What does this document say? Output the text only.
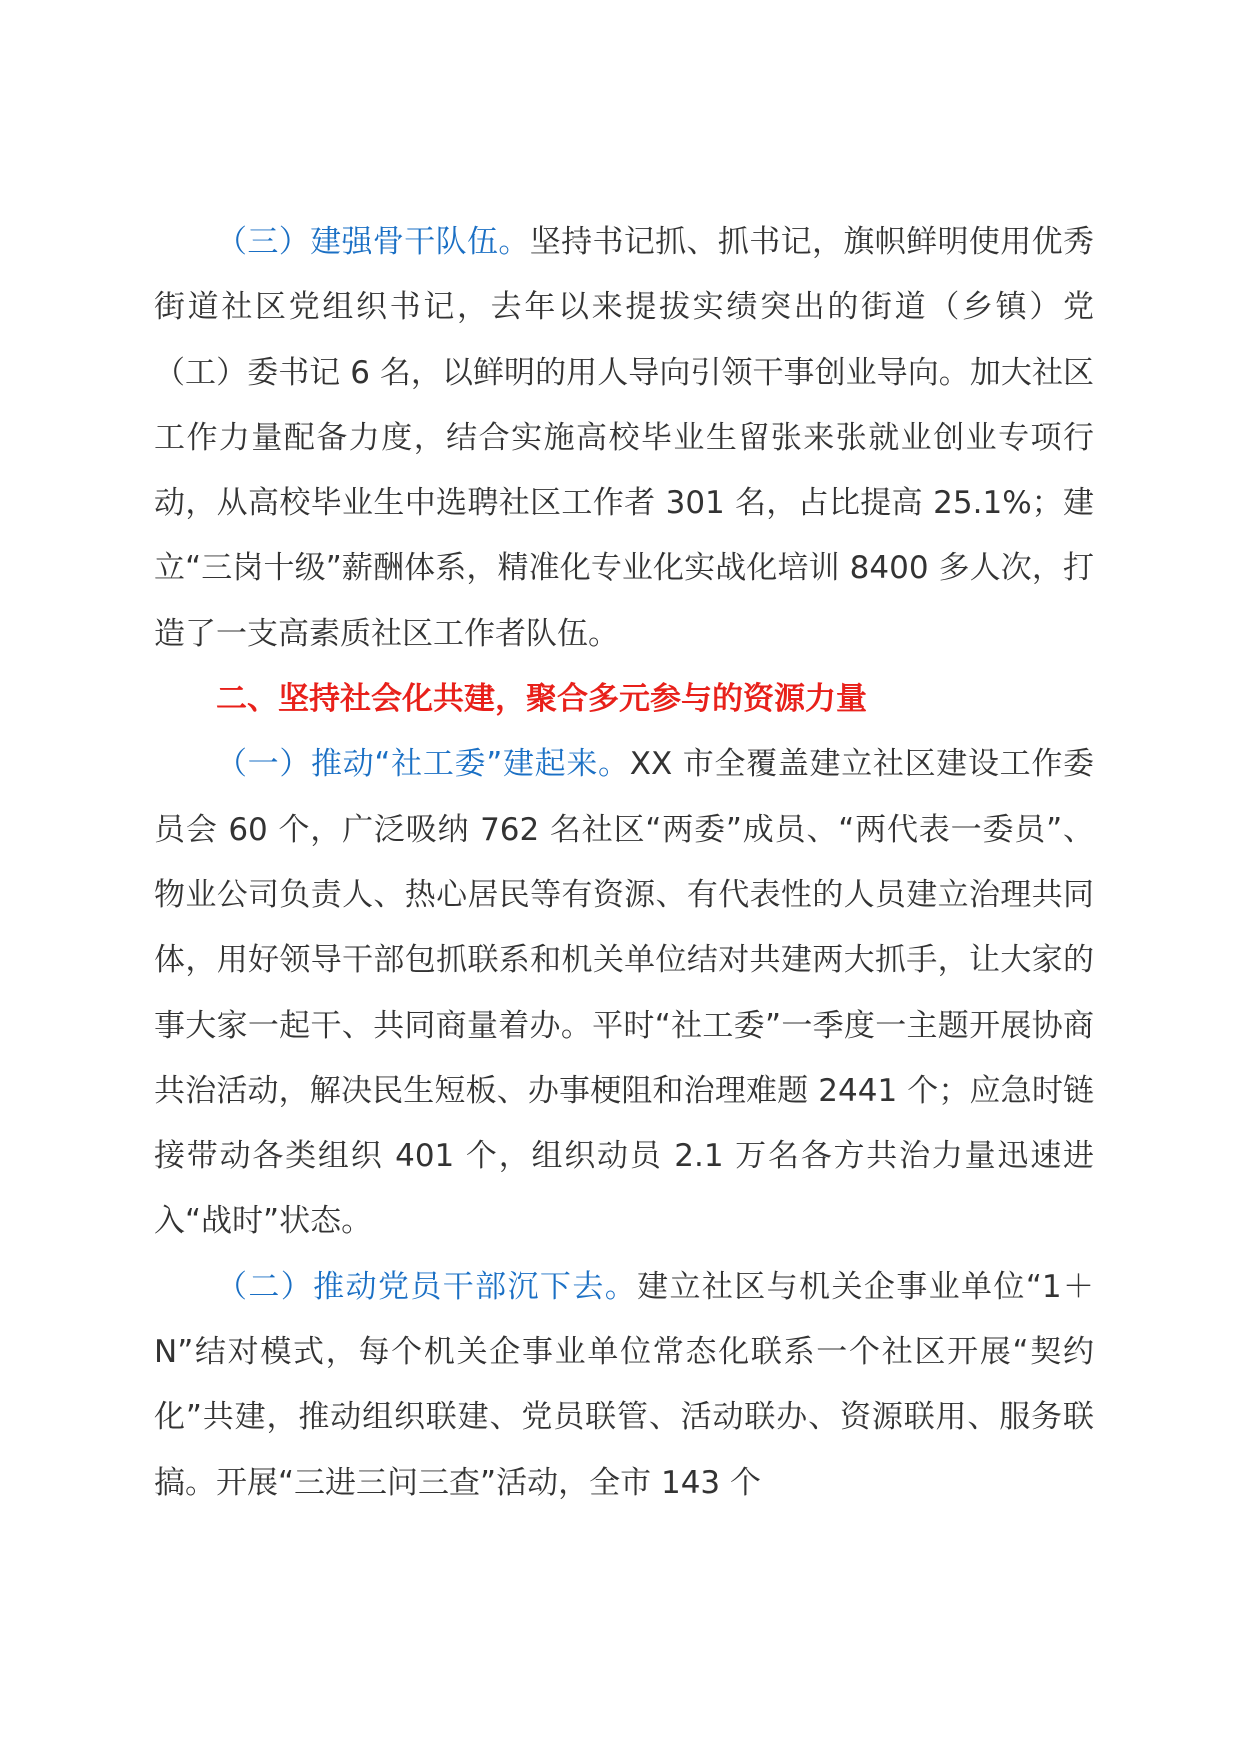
（三）建强骨干队伍。坚持书记抓、抓书记，旗帜鲜明使用优秀街道社区党组织书记，去年以来提拔实绩突出的街道（乡镇）党（工）委书记 6 名，以鲜明的用人导向引领干事创业导向。加大社区工作力量配备力度，结合实施高校毕业生留张来张就业创业专项行动，从高校毕业生中选聘社区工作者 301 名，占比提高 25.1%；建立“三岗十级”薪酬体系，精准化专业化实战化培训 8400 多人次，打造了一支高素质社区工作者队伍。

二、坚持社会化共建，聚合多元参与的资源力量

（一）推动“社工委”建起来。XX 市全覆盖建立社区建设工作委员会 60 个，广泛吸纳 762 名社区“两委”成员、“两代表一委员”、物业公司负责人、热心居民等有资源、有代表性的人员建立治理共同体，用好领导干部包抓联系和机关单位结对共建两大抓手，让大家的事大家一起干、共同商量着办。平时“社工委”一季度一主题开展协商共治活动，解决民生短板、办事梗阻和治理难题 2441 个；应急时链接带动各类组织 401 个，组织动员 2.1 万名各方共治力量迅速进入“战时”状态。

（二）推动党员干部沉下去。建立社区与机关企事业单位“1＋N”结对模式，每个机关企事业单位常态化联系一个社区开展“契约化”共建，推动组织联建、党员联管、活动联办、资源联用、服务联搞。开展“三进三问三查”活动，全市 143 个
